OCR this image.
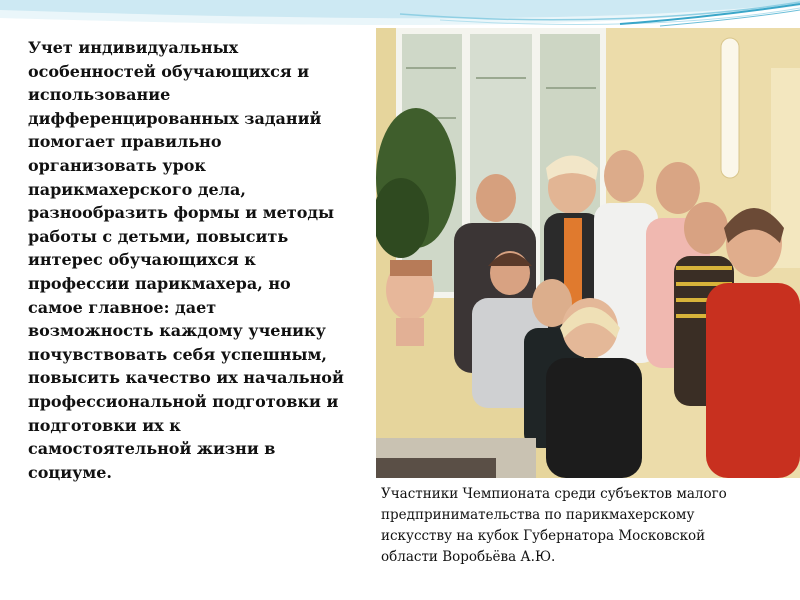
Учет индивидуальных
особенностей обучающихся и
использование
дифференцированных заданий
помогает правильно
организовать урок
парикмахерского дела,
разнообразить формы и методы
работы с детьми, повысить
интерес обучающихся к
профессии парикмахера, но
самое главное: дает
возможность каждому ученику
почувствовать себя успешным,
повысить качество их начальной
профессиональной подготовки и
подготовки их к
самостоятельной жизни в
социуме.

Участники Чемпионата среди субъектов малого
предпринимательства по парикмахерскому
искусству на кубок Губернатора Московской
области Воробьёва А.Ю.
